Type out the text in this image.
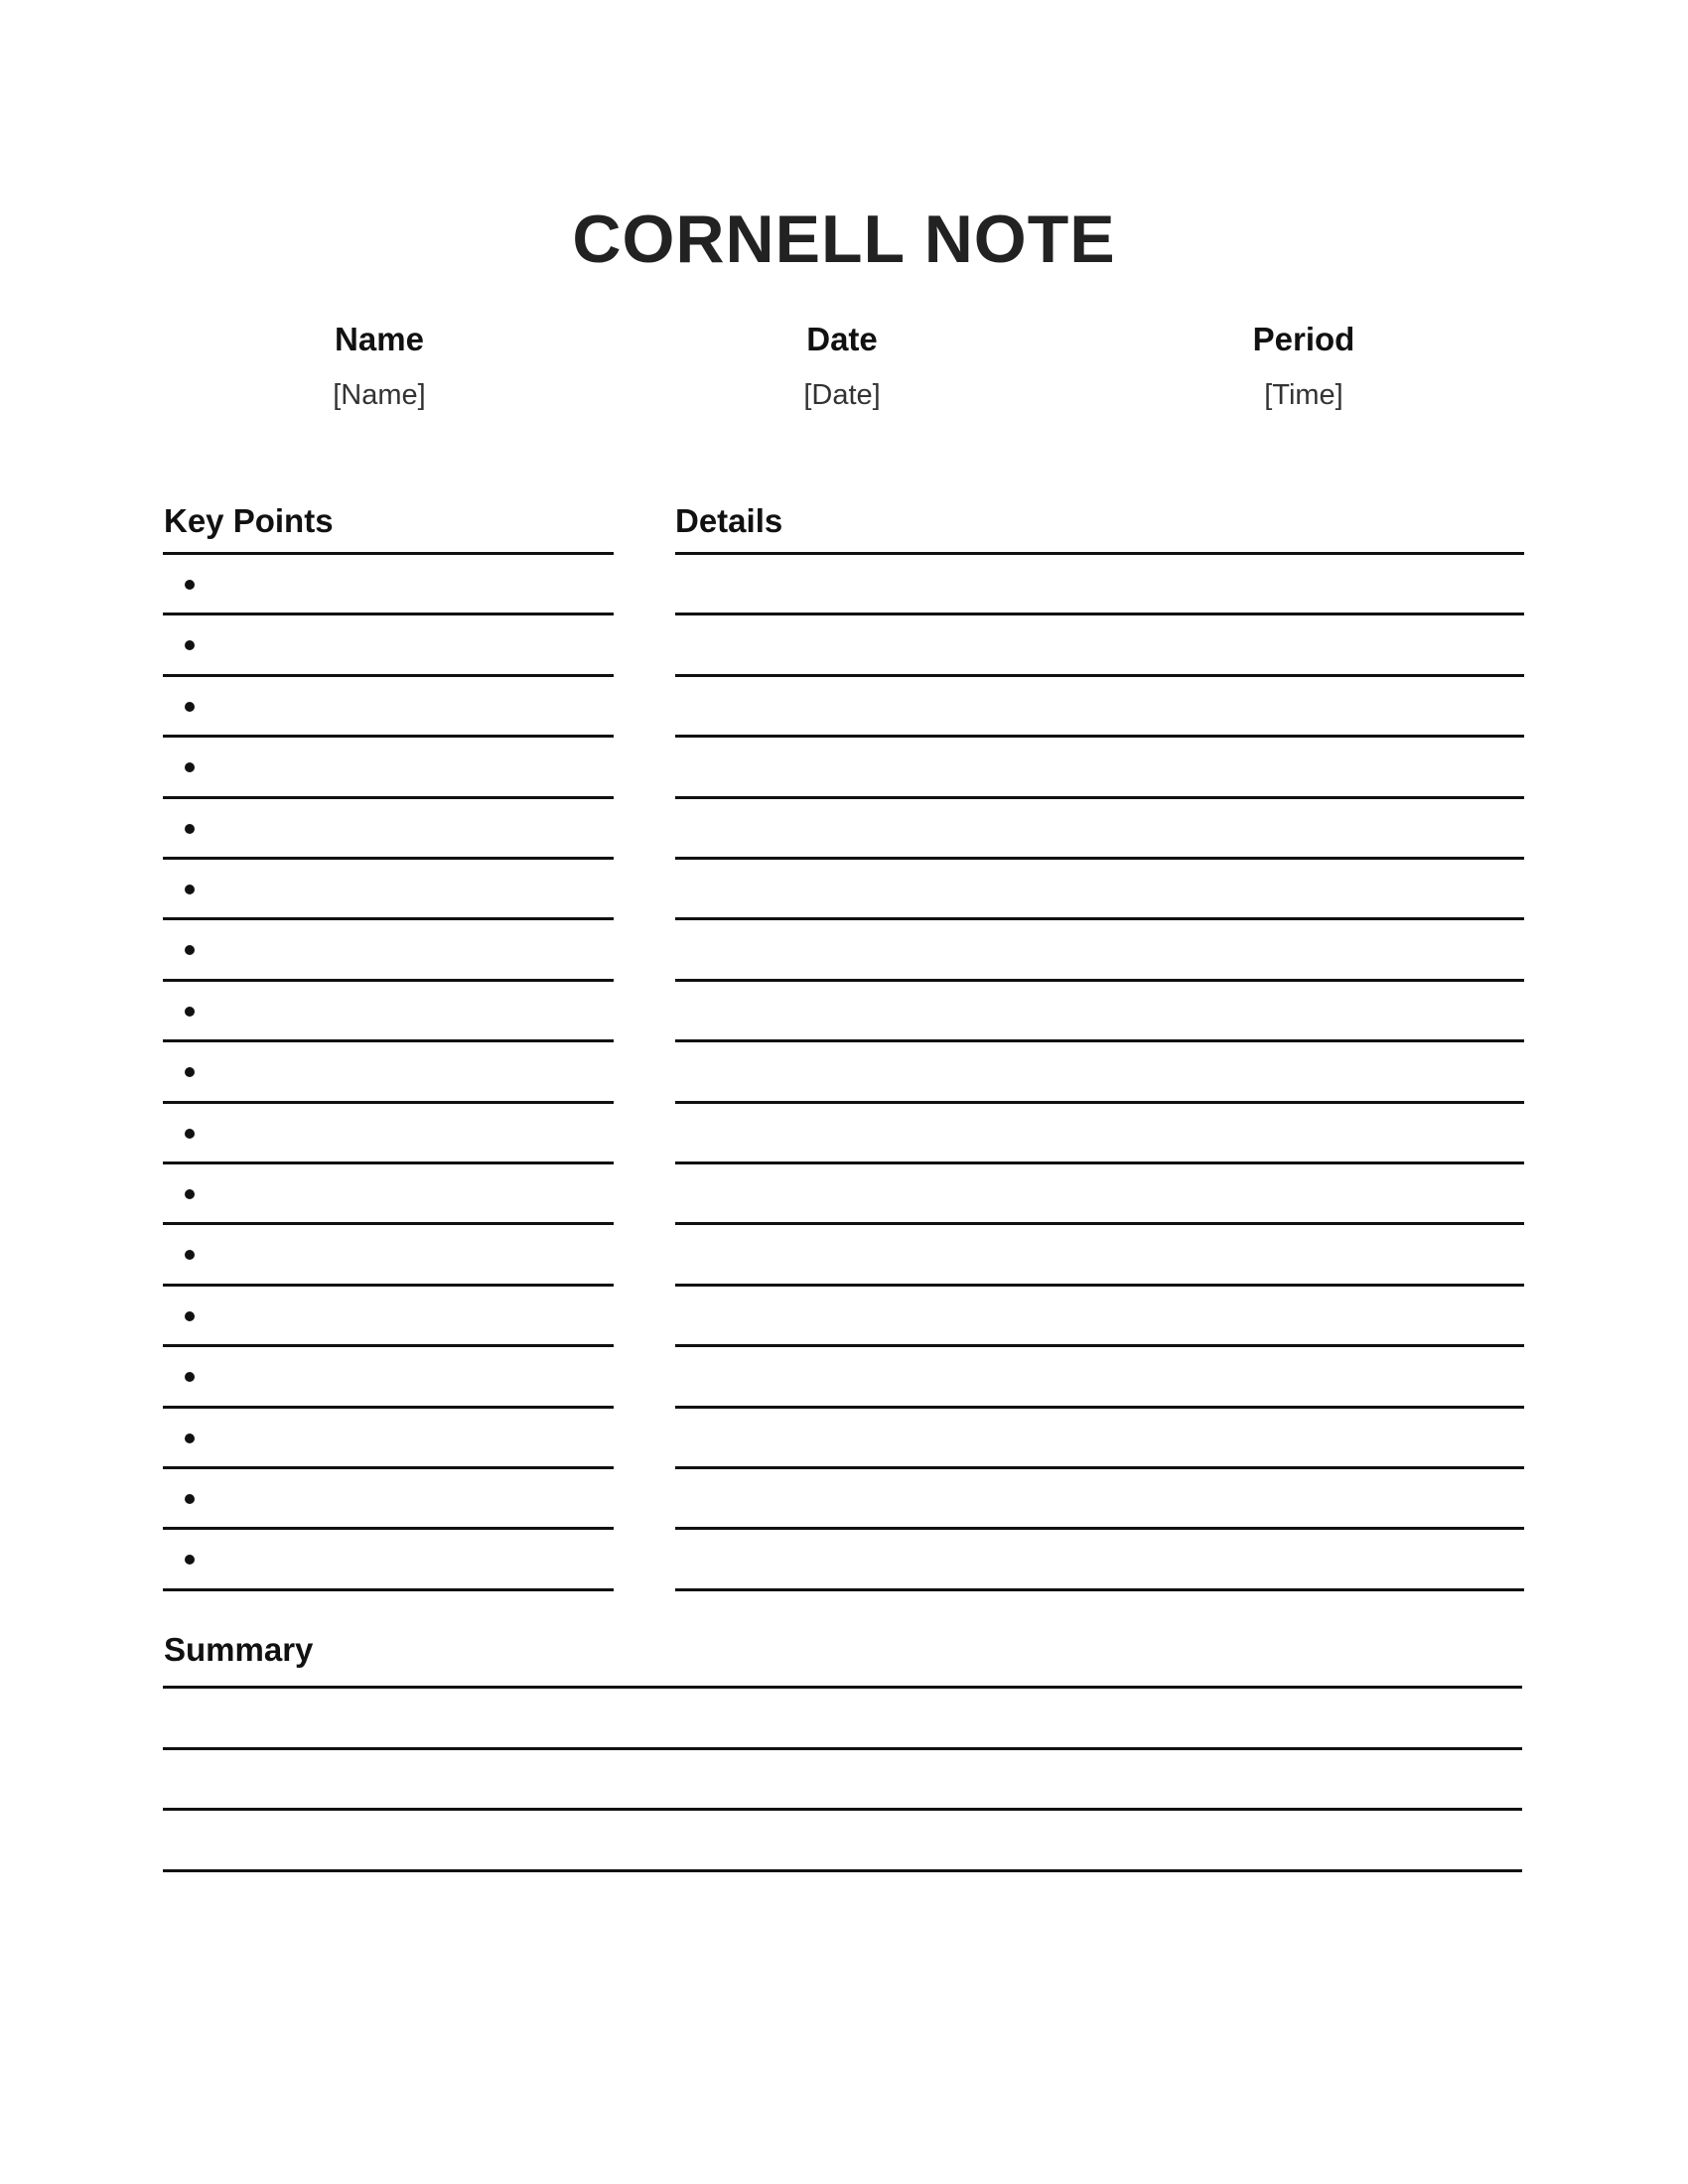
CORNELL NOTE
Name
[Name]
Date
[Date]
Period
[Time]
Key Points	Details
Summary
